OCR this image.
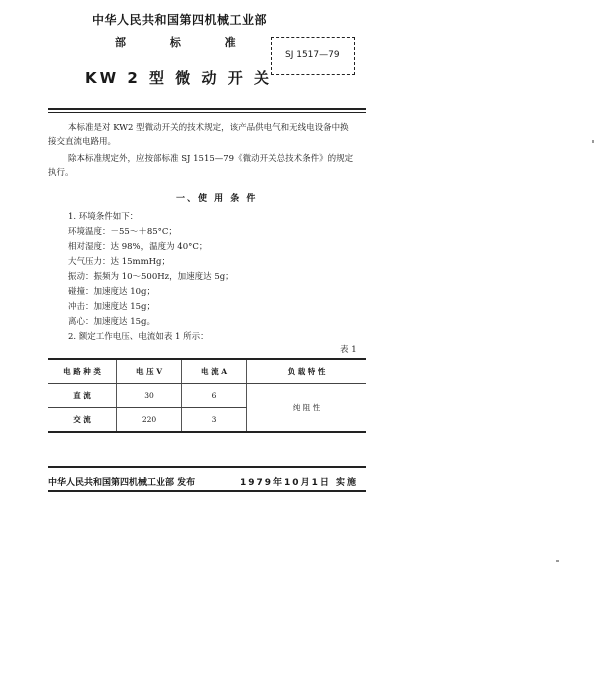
中华人民共和国第四机械工业部
部 标 准
KW 2 型 微 动 开 关
SJ 1517—79
本标准是对 KW2 型微动开关的技术规定，该产品供电气和无线电设备中换
接交直流电路用。
除本标准规定外，应按部标准 SJ 1515—79《微动开关总技术条件》的规定
执行。
一、使 用 条 件
1. 环境条件如下：
环境温度：－55～＋85°C；
相对湿度：达 98%，温度为 40°C；
大气压力：达 15mmHg；
振动：振频为 10～500Hz，加速度达 5g；
碰撞：加速度达 10g；
冲击：加速度达 15g；
离心：加速度达 15g。
2. 额定工作电压、电流如表 1 所示：
表 1
电 路 种 类	电 压 V	电 流 A	负 载 特 性
直 流	30	6	纯 阻 性
交 流	220	3	
中华人民共和国第四机械工业部 发布	1979年10月1日 实施
